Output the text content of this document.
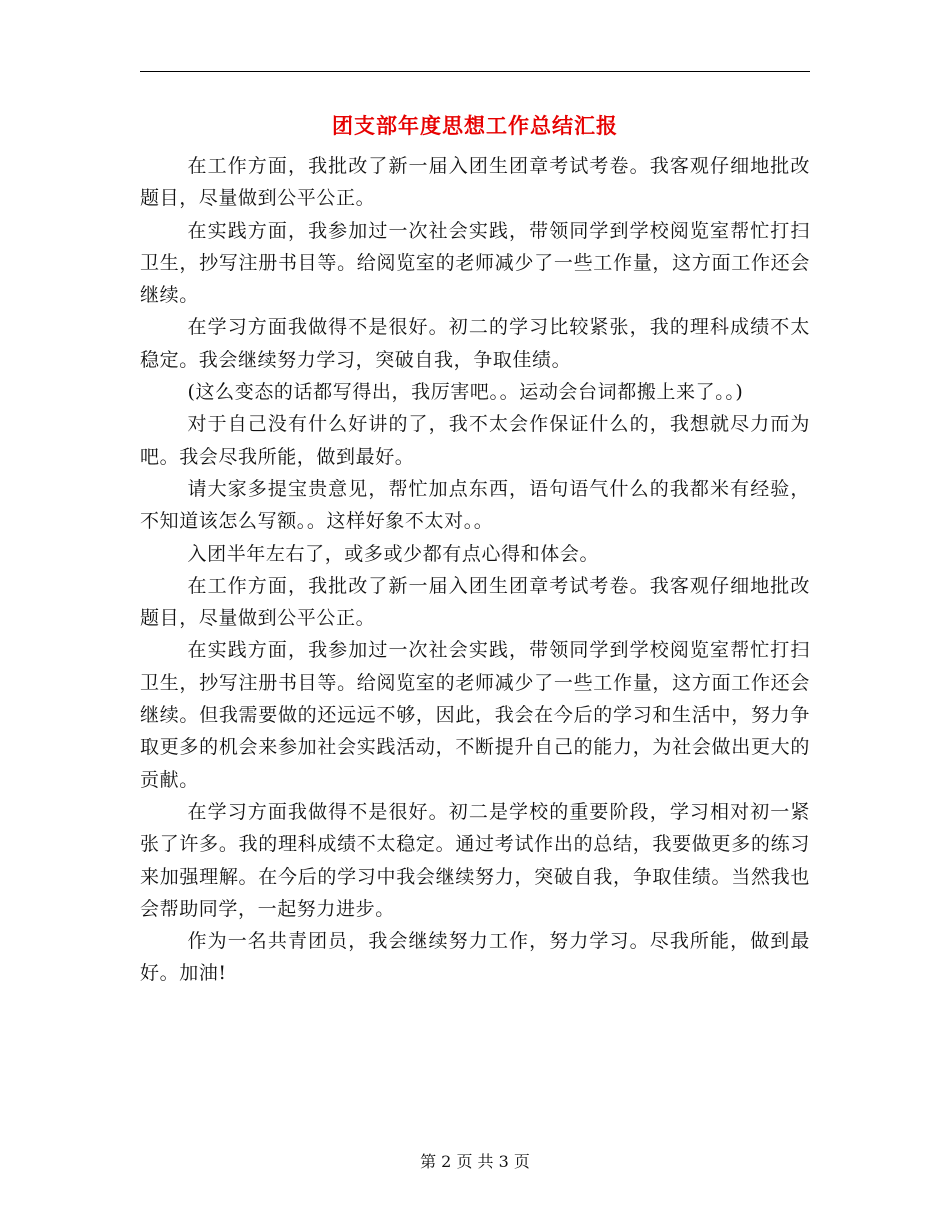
团支部年度思想工作总结汇报

在工作方面，我批改了新一届入团生团章考试考卷。我客观仔细地批改题目，尽量做到公平公正。

在实践方面，我参加过一次社会实践，带领同学到学校阅览室帮忙打扫卫生，抄写注册书目等。给阅览室的老师减少了一些工作量，这方面工作还会继续。

在学习方面我做得不是很好。初二的学习比较紧张，我的理科成绩不太稳定。我会继续努力学习，突破自我，争取佳绩。

(这么变态的话都写得出，我厉害吧。。运动会台词都搬上来了。。)

对于自己没有什么好讲的了，我不太会作保证什么的，我想就尽力而为吧。我会尽我所能，做到最好。

请大家多提宝贵意见，帮忙加点东西，语句语气什么的我都米有经验，不知道该怎么写额。。这样好象不太对。。

入团半年左右了，或多或少都有点心得和体会。

在工作方面，我批改了新一届入团生团章考试考卷。我客观仔细地批改题目，尽量做到公平公正。

在实践方面，我参加过一次社会实践，带领同学到学校阅览室帮忙打扫卫生，抄写注册书目等。给阅览室的老师减少了一些工作量，这方面工作还会继续。但我需要做的还远远不够，因此，我会在今后的学习和生活中，努力争取更多的机会来参加社会实践活动，不断提升自己的能力，为社会做出更大的贡献。

在学习方面我做得不是很好。初二是学校的重要阶段，学习相对初一紧张了许多。我的理科成绩不太稳定。通过考试作出的总结，我要做更多的练习来加强理解。在今后的学习中我会继续努力，突破自我，争取佳绩。当然我也会帮助同学，一起努力进步。

作为一名共青团员，我会继续努力工作，努力学习。尽我所能，做到最好。加油!

第 2 页 共 3 页
